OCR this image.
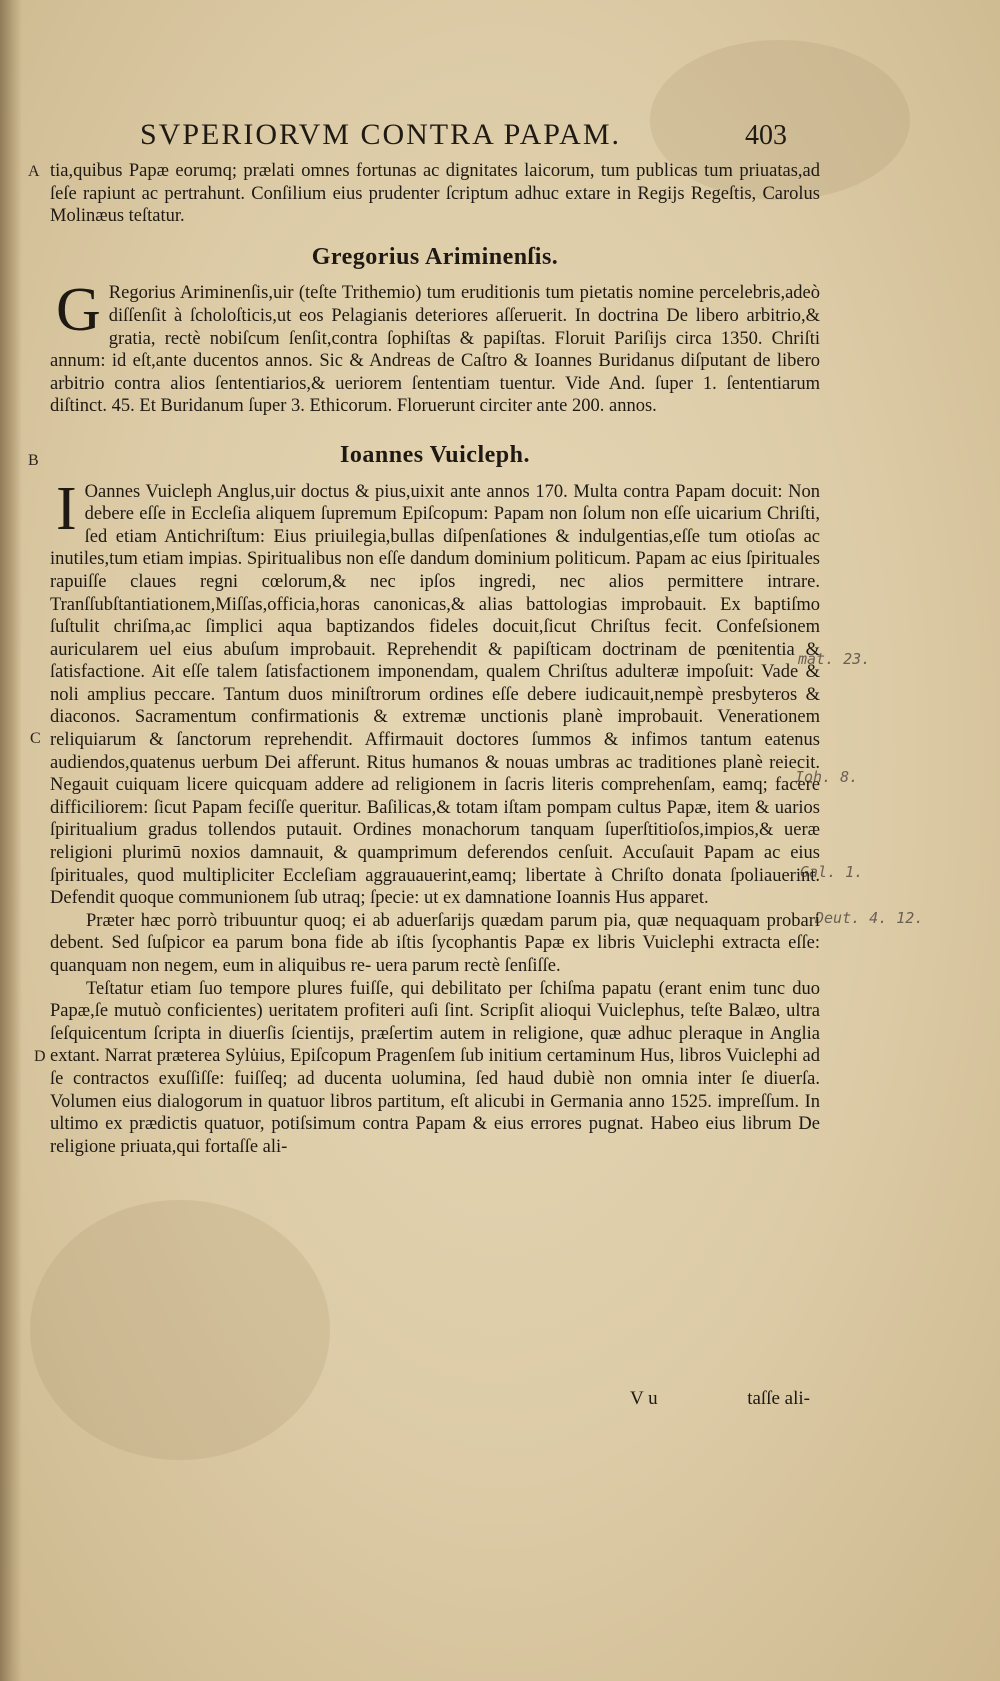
SVPERIORVM CONTRA PAPAM.	403
A
B
C
D
mat. 23.
Ioh. 8.
Gal. 1.
Deut. 4. 12.

tia,quibus Papæ eorumq; prælati omnes fortunas ac dignitates laicorum, tum publicas tum priuatas,ad ſeſe rapiunt ac pertrahunt. Conſilium eius prudenter ſcriptum adhuc extare in Regijs Regeſtis, Carolus Molinæus teſtatur.

Gregorius Ariminenſis.

G Regorius Ariminenſis,uir (teſte Trithemio) tum eruditionis tum pietatis nomine percelebris,adeò diſſenſit à ſcholoſticis,ut eos Pelagianis deteriores aſſeruerit. In doctrina De libero arbitrio,& gratia, rectè nobiſcum ſenſit,contra ſophiſtas & papiſtas. Floruit Pariſijs circa 1350. Chriſti annum: id eſt,ante ducentos annos. Sic & Andreas de Caſtro & Ioannes Buridanus diſputant de libero arbitrio contra alios ſententiarios,& ueriorem ſententiam tuentur. Vide And. ſuper 1. ſententiarum diſtinct. 45. Et Buridanum ſuper 3. Ethicorum. Floruerunt circiter ante 200. annos.

Ioannes Vuicleph.

I Oannes Vuicleph Anglus,uir doctus & pius,uixit ante annos 170. Multa contra Papam docuit: Non debere eſſe in Eccleſia aliquem ſupremum Epiſcopum: Papam non ſolum non eſſe uicarium Chriſti, ſed etiam Antichriſtum: Eius priuilegia,bullas diſpenſationes & indulgentias,eſſe tum otioſas ac inutiles,tum etiam impias. Spiritualibus non eſſe dandum dominium politicum. Papam ac eius ſpirituales rapuiſſe claues regni cœlorum,& nec ipſos ingredi, nec alios permittere intrare. Tranſſubſtantiationem,Miſſas,officia,horas canonicas,& alias battologias improbauit. Ex baptiſmo ſuſtulit chriſma,ac ſimplici aqua baptizandos fideles docuit,ſicut Chriſtus fecit. Confeſsionem auricularem uel eius abuſum improbauit. Reprehendit & papiſticam doctrinam de pœnitentia & ſatisfactione. Ait eſſe talem ſatisfactionem imponendam, qualem Chriſtus adulteræ impoſuit: Vade & noli amplius peccare. Tantum duos miniſtrorum ordines eſſe debere iudicauit,nempè presbyteros & diaconos. Sacramentum confirmationis & extremæ unctionis planè improbauit. Venerationem reliquiarum & ſanctorum reprehendit. Affirmauit doctores ſummos & infimos tantum eatenus audiendos,quatenus uerbum Dei afferunt. Ritus humanos & nouas umbras ac traditiones planè reiecit. Negauit cuiquam licere quicquam addere ad religionem in ſacris literis comprehenſam, eamq; facere difficiliorem: ſicut Papam feciſſe queritur. Baſilicas,& totam iſtam pompam cultus Papæ, item & uarios ſpiritualium gradus tollendos putauit. Ordines monachorum tanquam ſuperſtitioſos,impios,& ueræ religioni plurimū noxios damnauit, & quamprimum deferendos cenſuit. Accuſauit Papam ac eius ſpirituales, quod multipliciter Eccleſiam aggrauauerint,eamq; libertate à Chriſto donata ſpoliauerint. Defendit quoque communionem ſub utraq; ſpecie: ut ex damnatione Ioannis Hus apparet.

Præter hæc porrò tribuuntur quoq; ei ab aduerſarijs quædam parum pia, quæ nequaquam probari debent. Sed ſuſpicor ea parum bona fide ab iſtis ſycophantis Papæ ex libris Vuiclephi extracta eſſe: quanquam non negem, eum in aliquibus re- uera parum rectè ſenſiſſe.

Teſtatur etiam ſuo tempore plures fuiſſe, qui debilitato per ſchiſma papatu (erant enim tunc duo Papæ,ſe mutuò conficientes) ueritatem profiteri auſi ſint. Scripſit alioqui Vuiclephus, teſte Balæo, ultra ſeſquicentum ſcripta in diuerſis ſcientijs, præſertim autem in religione, quæ adhuc pleraque in Anglia extant. Narrat præterea Sylu̇ius, Epiſcopum Pragenſem ſub initium certaminum Hus, libros Vuiclephi ad ſe contractos exuſſiſſe: fuiſſeq; ad ducenta uolumina, ſed haud dubiè non omnia inter ſe diuerſa. Volumen eius dialogorum in quatuor libros partitum, eſt alicubi in Germania anno 1525. impreſſum. In ultimo ex prædictis quatuor, potiſsimum contra Papam & eius errores pugnat. Habeo eius librum De religione priuata,qui fortaſſe ali-

V u	taſſe ali-
